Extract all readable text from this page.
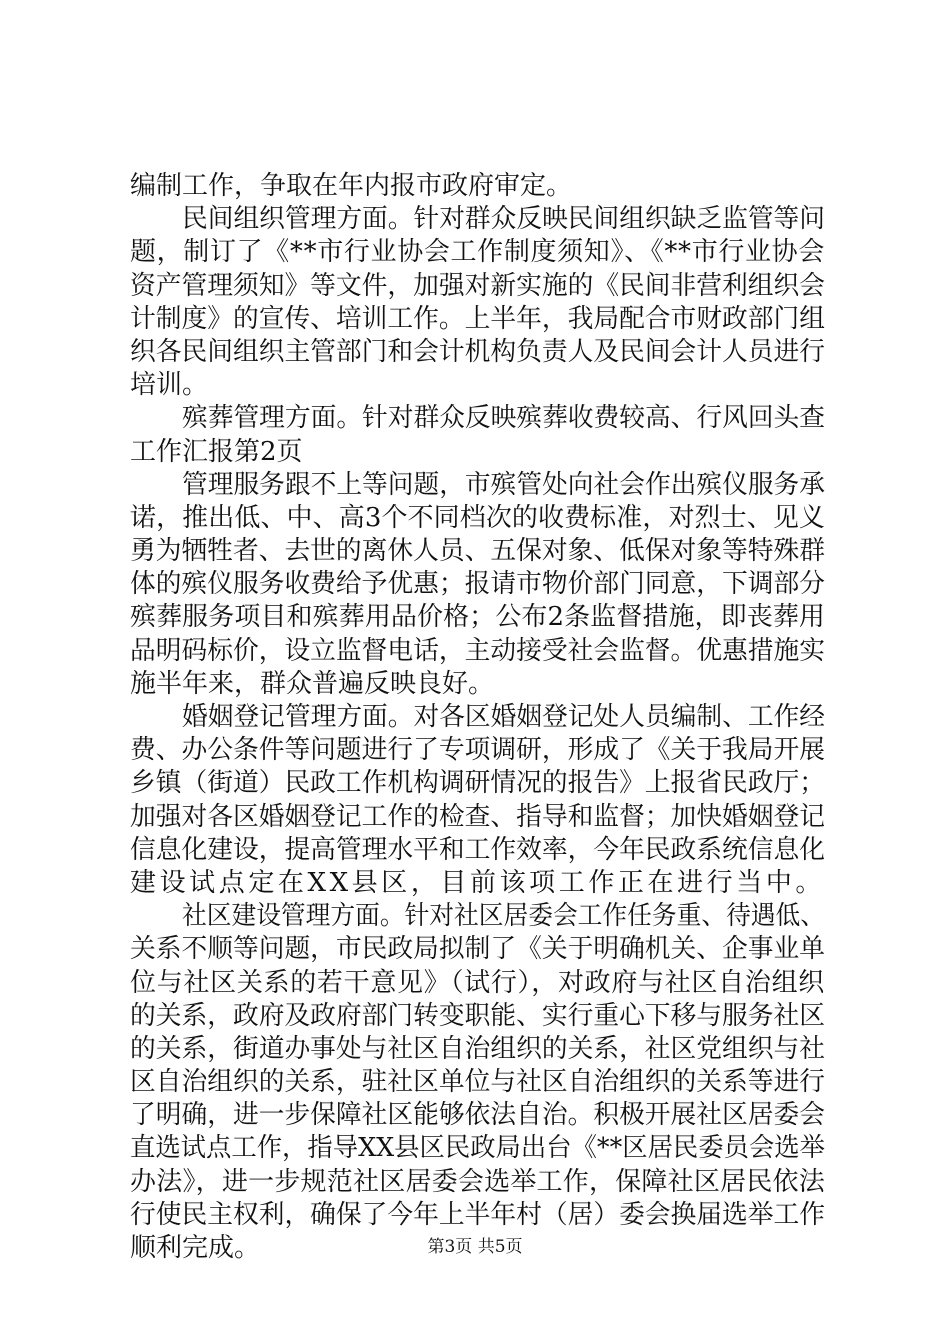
编制工作，争取在年内报市政府审定。
民间组织管理方面。针对群众反映民间组织缺乏监管等问
题，制订了《**市行业协会工作制度须知》、《**市行业协会
资产管理须知》等文件，加强对新实施的《民间非营利组织会
计制度》的宣传、培训工作。上半年，我局配合市财政部门组
织各民间组织主管部门和会计机构负责人及民间会计人员进行
培训。
殡葬管理方面。针对群众反映殡葬收费较高、行风回头查
工作汇报第2页
管理服务跟不上等问题，市殡管处向社会作出殡仪服务承
诺，推出低、中、高3个不同档次的收费标准，对烈士、见义
勇为牺牲者、去世的离休人员、五保对象、低保对象等特殊群
体的殡仪服务收费给予优惠；报请市物价部门同意，下调部分
殡葬服务项目和殡葬用品价格；公布2条监督措施，即丧葬用
品明码标价，设立监督电话，主动接受社会监督。优惠措施实
施半年来，群众普遍反映良好。
婚姻登记管理方面。对各区婚姻登记处人员编制、工作经
费、办公条件等问题进行了专项调研，形成了《关于我局开展
乡镇（街道）民政工作机构调研情况的报告》上报省民政厅；
加强对各区婚姻登记工作的检查、指导和监督；加快婚姻登记
信息化建设，提高管理水平和工作效率，今年民政系统信息化
建设试点定在XX县区，目前该项工作正在进行当中。
社区建设管理方面。针对社区居委会工作任务重、待遇低、
关系不顺等问题，市民政局拟制了《关于明确机关、企事业单
位与社区关系的若干意见》（试行），对政府与社区自治组织
的关系，政府及政府部门转变职能、实行重心下移与服务社区
的关系，街道办事处与社区自治组织的关系，社区党组织与社
区自治组织的关系，驻社区单位与社区自治组织的关系等进行
了明确，进一步保障社区能够依法自治。积极开展社区居委会
直选试点工作，指导XX县区民政局出台《**区居民委员会选举
办法》，进一步规范社区居委会选举工作，保障社区居民依法
行使民主权利，确保了今年上半年村（居）委会换届选举工作
顺利完成。	第3页 共5页
